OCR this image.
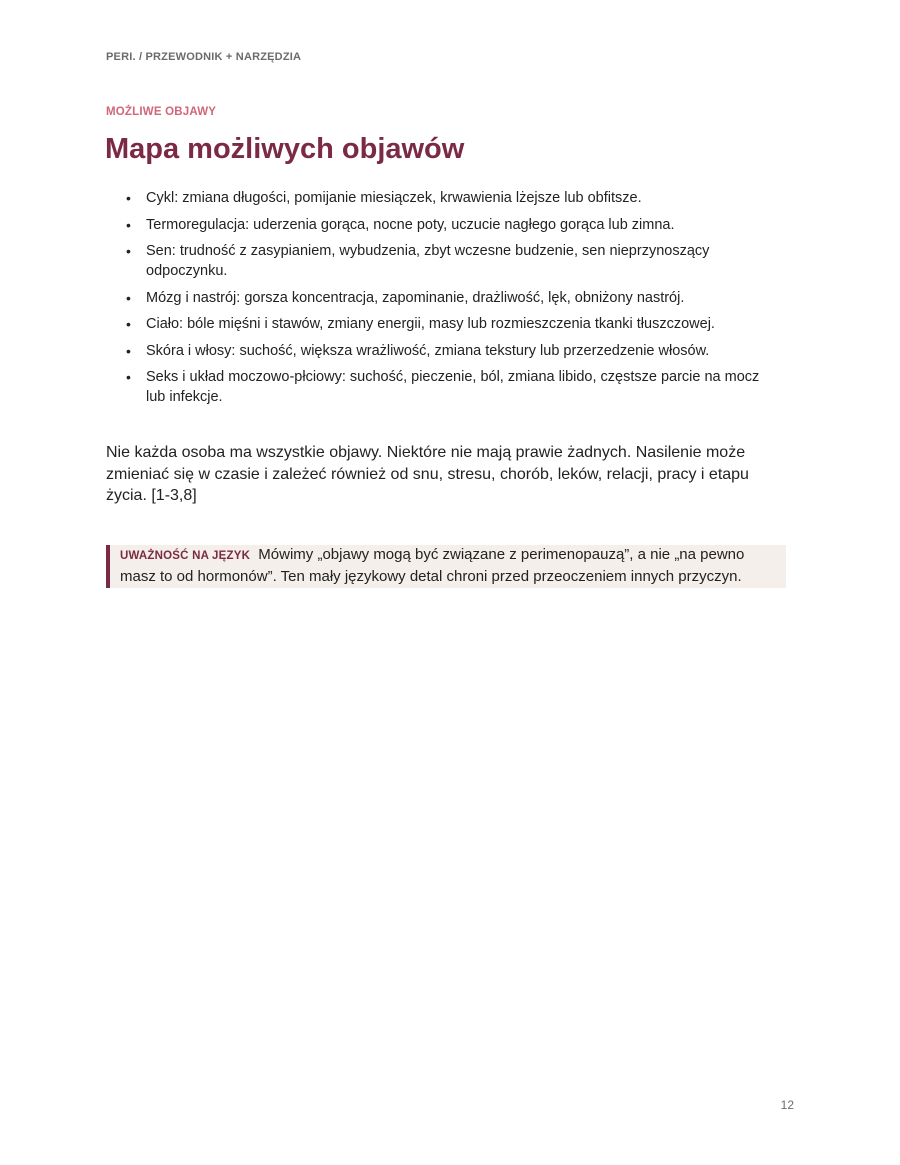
PERI. / PRZEWODNIK + NARZĘDZIA
MOŻLIWE OBJAWY
Mapa możliwych objawów
• Cykl: zmiana długości, pomijanie miesiączek, krwawienia lżejsze lub obfitsze.
• Termoregulacja: uderzenia gorąca, nocne poty, uczucie nagłego gorąca lub zimna.
• Sen: trudność z zasypianiem, wybudzenia, zbyt wczesne budzenie, sen nieprzynoszący odpoczynku.
• Mózg i nastrój: gorsza koncentracja, zapominanie, drażliwość, lęk, obniżony nastrój.
• Ciało: bóle mięśni i stawów, zmiany energii, masy lub rozmieszczenia tkanki tłuszczowej.
• Skóra i włosy: suchość, większa wrażliwość, zmiana tekstury lub przerzedzenie włosów.
• Seks i układ moczowo-płciowy: suchość, pieczenie, ból, zmiana libido, częstsze parcie na mocz lub infekcje.

Nie każda osoba ma wszystkie objawy. Niektóre nie mają prawie żadnych. Nasilenie może zmieniać się w czasie i zależeć również od snu, stresu, chorób, leków, relacji, pracy i etapu życia. [1-3,8]

UWAŻNOŚĆ NA JĘZYK Mówimy „objawy mogą być związane z perimenopauzą”, a nie „na pewno masz to od hormonów”. Ten mały językowy detal chroni przed przeoczeniem innych przyczyn.
12
